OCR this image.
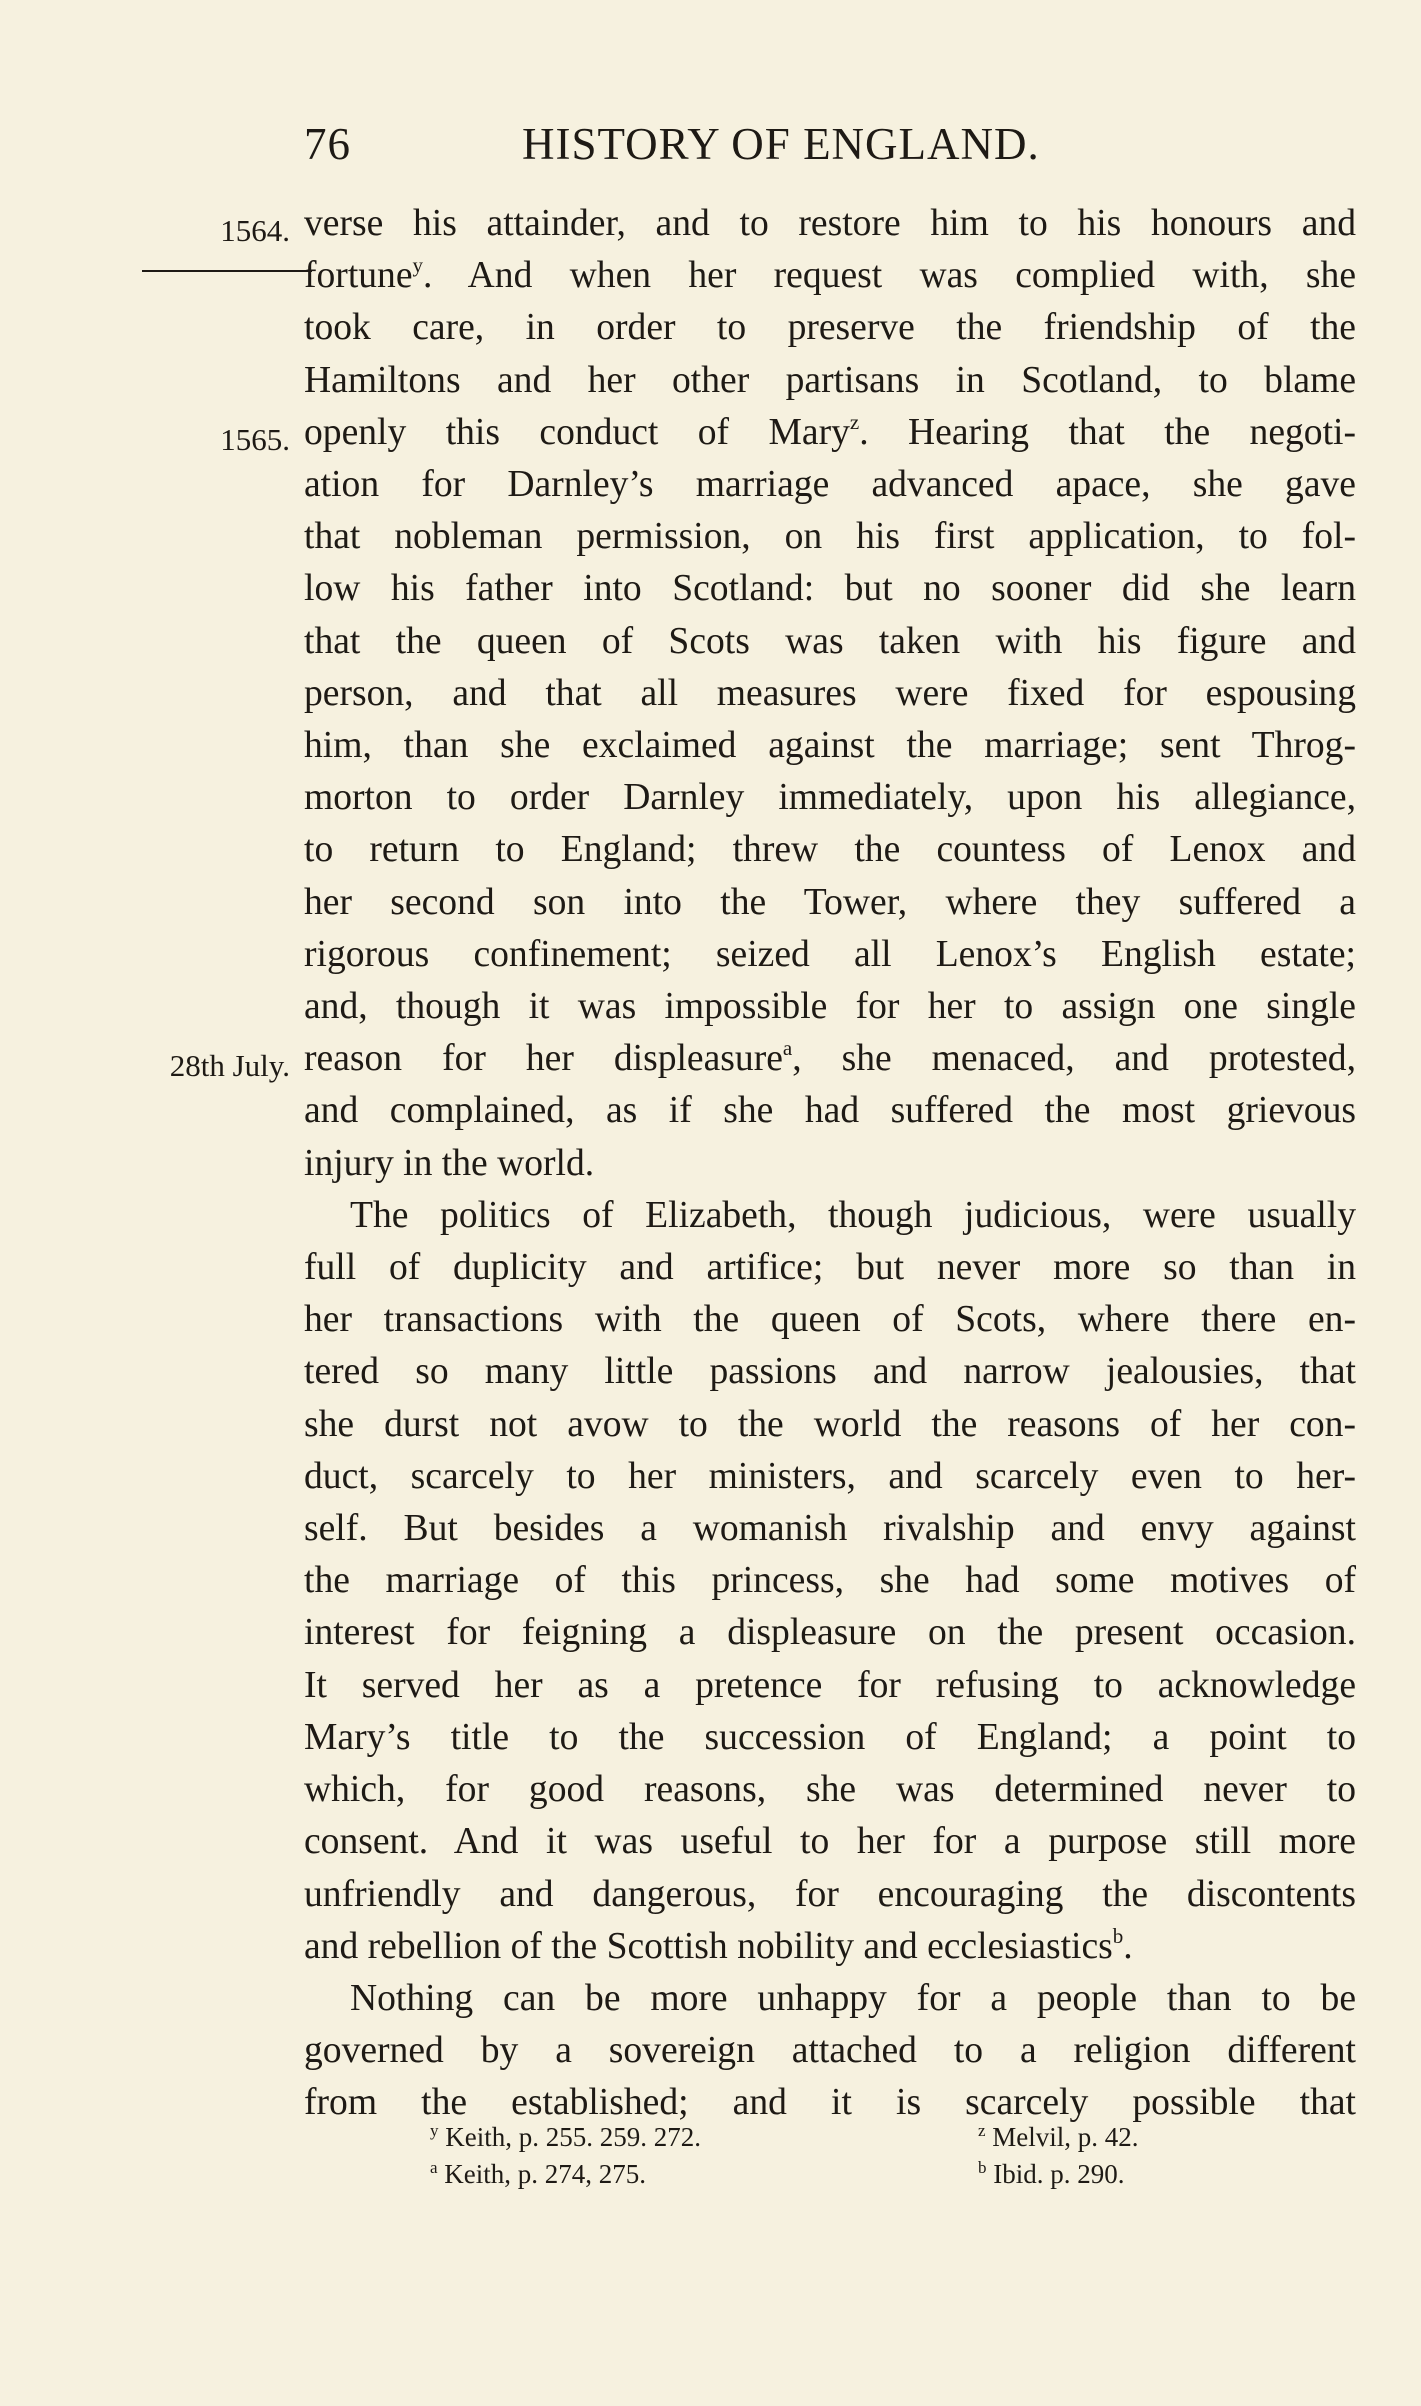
76	HISTORY OF ENGLAND.
1564.
1565.
28th July.
verse his attainder, and to restore him to his honours and
fortune$^y$. And when her request was complied with, she
took care, in order to preserve the friendship of the
Hamiltons and her other partisans in Scotland, to blame
openly this conduct of Mary$^z$. Hearing that the negoti-
ation for Darnley’s marriage advanced apace, she gave
that nobleman permission, on his first application, to fol-
low his father into Scotland: but no sooner did she learn
that the queen of Scots was taken with his figure and
person, and that all measures were fixed for espousing
him, than she exclaimed against the marriage; sent Throg-
morton to order Darnley immediately, upon his allegiance,
to return to England; threw the countess of Lenox and
her second son into the Tower, where they suffered a
rigorous confinement; seized all Lenox’s English estate;
and, though it was impossible for her to assign one single
reason for her displeasure$^a$, she menaced, and protested,
and complained, as if she had suffered the most grievous
injury in the world.
The politics of Elizabeth, though judicious, were usually
full of duplicity and artifice; but never more so than in
her transactions with the queen of Scots, where there en-
tered so many little passions and narrow jealousies, that
she durst not avow to the world the reasons of her con-
duct, scarcely to her ministers, and scarcely even to her-
self. But besides a womanish rivalship and envy against
the marriage of this princess, she had some motives of
interest for feigning a displeasure on the present occasion.
It served her as a pretence for refusing to acknowledge
Mary’s title to the succession of England; a point to
which, for good reasons, she was determined never to
consent. And it was useful to her for a purpose still more
unfriendly and dangerous, for encouraging the discontents
and rebellion of the Scottish nobility and ecclesiastics$^b$.
Nothing can be more unhappy for a people than to be
governed by a sovereign attached to a religion different
from the established; and it is scarcely possible that
$^y$ Keith, p. 255. 259. 272.	$^z$ Melvil, p. 42.
$^a$ Keith, p. 274, 275.	$^b$ Ibid. p. 290.
